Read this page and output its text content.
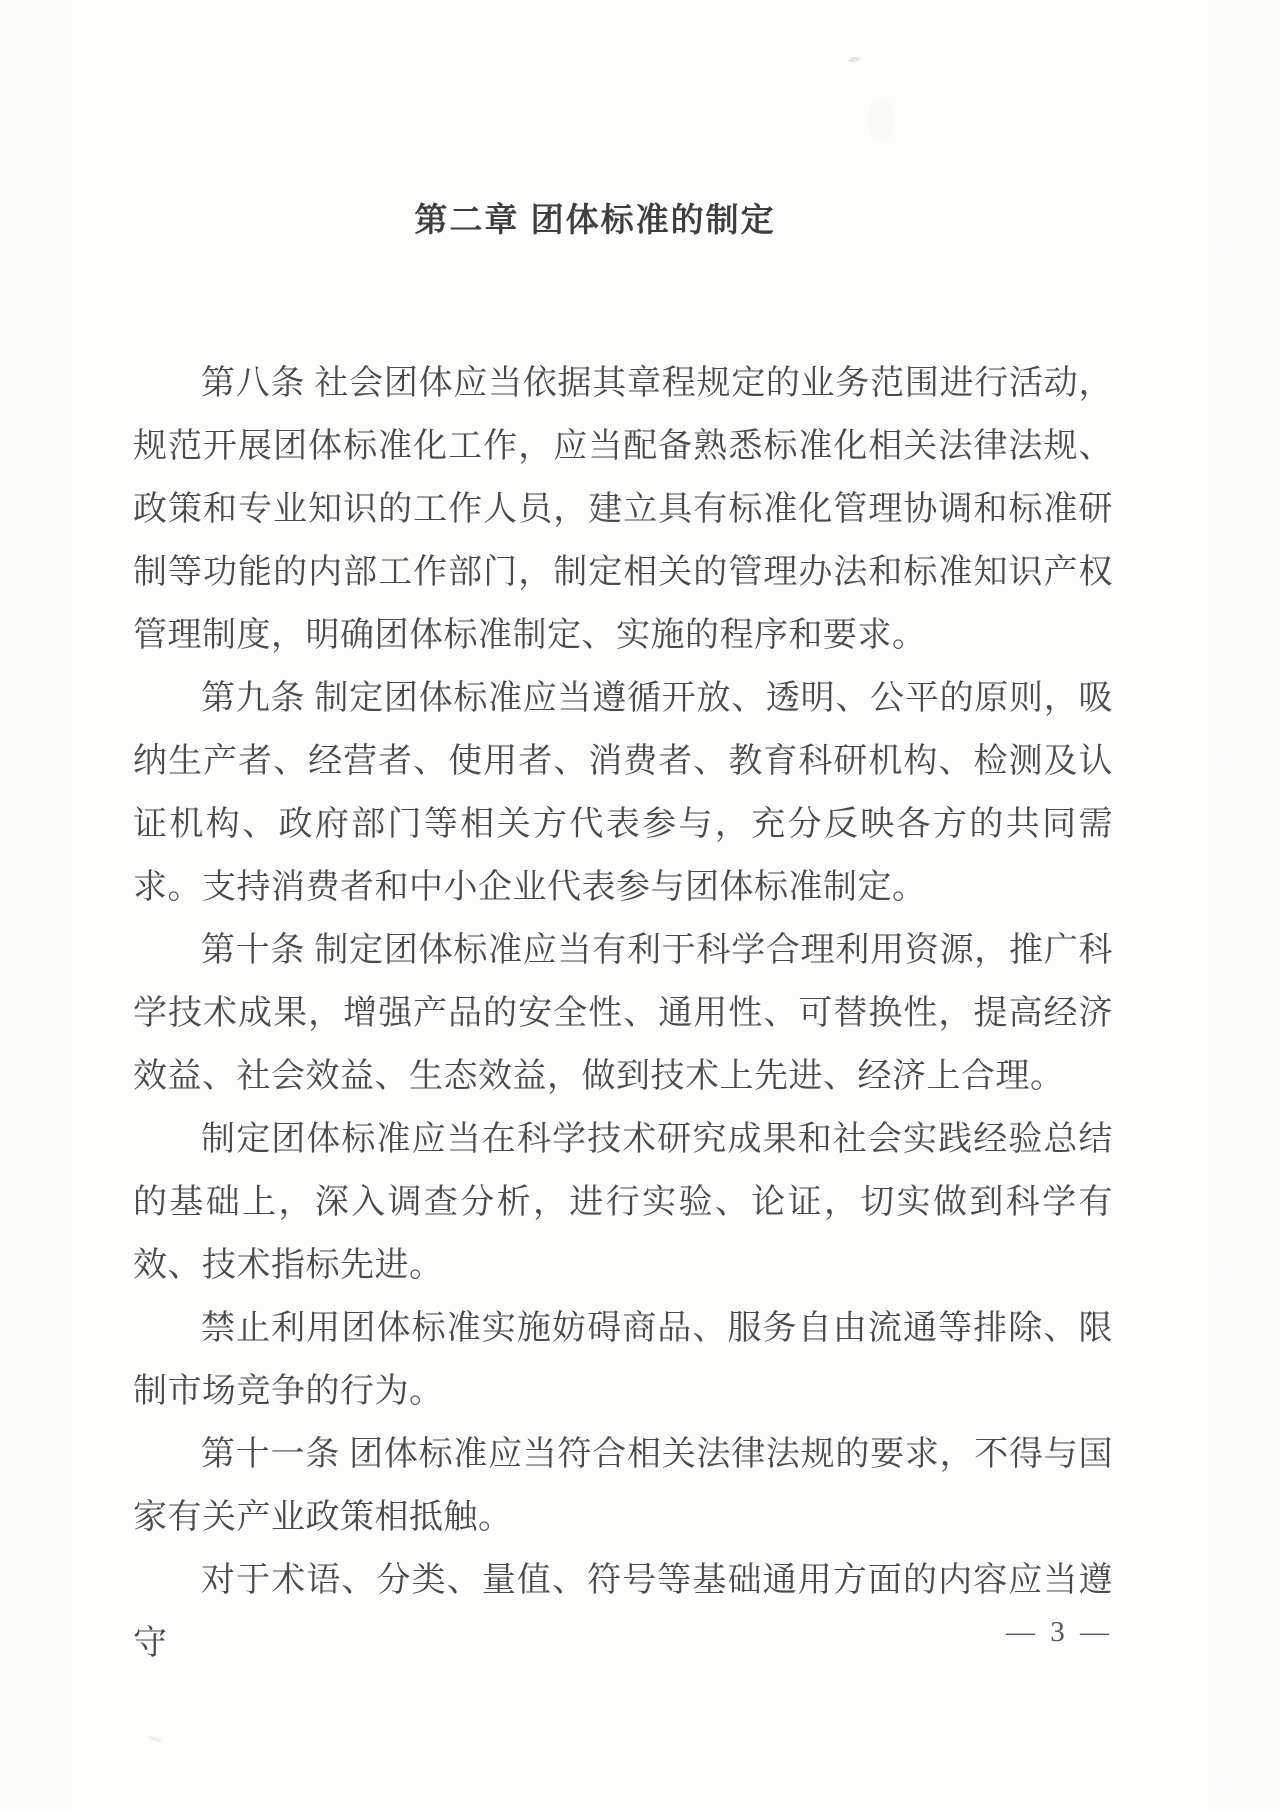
第二章 团体标准的制定

第八条 社会团体应当依据其章程规定的业务范围进行活动，规范开展团体标准化工作，应当配备熟悉标准化相关法律法规、政策和专业知识的工作人员，建立具有标准化管理协调和标准研制等功能的内部工作部门，制定相关的管理办法和标准知识产权管理制度，明确团体标准制定、实施的程序和要求。

第九条 制定团体标准应当遵循开放、透明、公平的原则，吸纳生产者、经营者、使用者、消费者、教育科研机构、检测及认证机构、政府部门等相关方代表参与，充分反映各方的共同需求。支持消费者和中小企业代表参与团体标准制定。

第十条 制定团体标准应当有利于科学合理利用资源，推广科学技术成果，增强产品的安全性、通用性、可替换性，提高经济效益、社会效益、生态效益，做到技术上先进、经济上合理。

制定团体标准应当在科学技术研究成果和社会实践经验总结的基础上，深入调查分析，进行实验、论证，切实做到科学有效、技术指标先进。

禁止利用团体标准实施妨碍商品、服务自由流通等排除、限制市场竞争的行为。

第十一条 团体标准应当符合相关法律法规的要求，不得与国家有关产业政策相抵触。

对于术语、分类、量值、符号等基础通用方面的内容应当遵守	— 3 —
